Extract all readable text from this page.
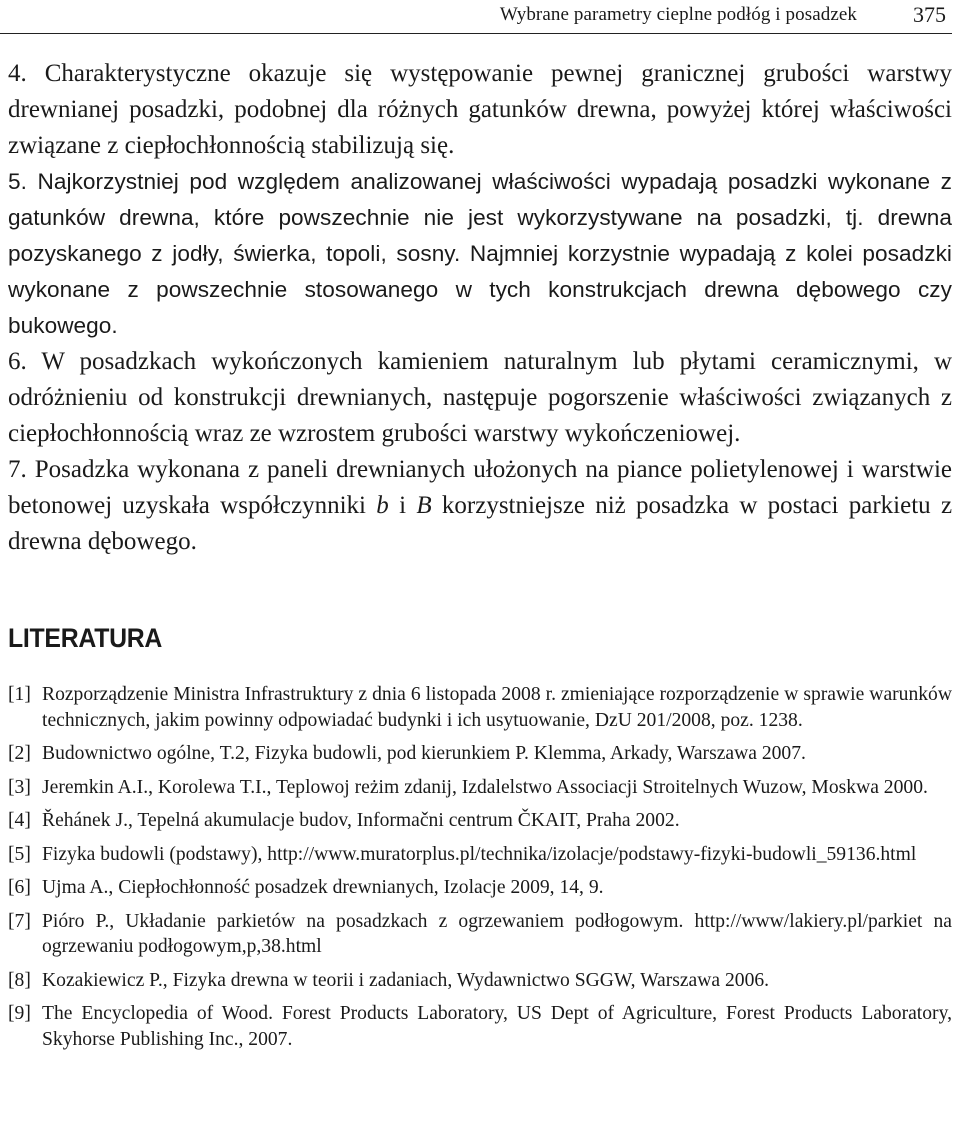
Wybrane parametry cieplne podłóg i posadzek	375

4. Charakterystyczne okazuje się występowanie pewnej granicznej grubości warstwy drewnianej posadzki, podobnej dla różnych gatunków drewna, powyżej której właściwości związane z ciepłochłonnością stabilizują się.

5. Najkorzystniej pod względem analizowanej właściwości wypadają posadzki wykonane z gatunków drewna, które powszechnie nie jest wykorzystywane na posadzki, tj. drewna pozyskanego z jodły, świerka, topoli, sosny. Najmniej korzystnie wypadają z kolei posadzki wykonane z powszechnie stosowanego w tych konstrukcjach drewna dębowego czy bukowego.

6. W posadzkach wykończonych kamieniem naturalnym lub płytami ceramicznymi, w odróżnieniu od konstrukcji drewnianych, następuje pogorszenie właściwości związanych z ciepłochłonnością wraz ze wzrostem grubości warstwy wykończeniowej.

7. Posadzka wykonana z paneli drewnianych ułożonych na piance polietylenowej i warstwie betonowej uzyskała współczynniki b i B korzystniejsze niż posadzka w postaci parkietu z drewna dębowego.

LITERATURA
[1] Rozporządzenie Ministra Infrastruktury z dnia 6 listopada 2008 r. zmieniające rozporządzenie w sprawie warunków technicznych, jakim powinny odpowiadać budynki i ich usytuowanie, DzU 201/2008, poz. 1238.
[2] Budownictwo ogólne, T.2, Fizyka budowli, pod kierunkiem P. Klemma, Arkady, Warszawa 2007.
[3] Jeremkin A.I., Korolewa T.I., Teplowoj reżim zdanij, Izdalelstwo Associacji Stroitelnych Wuzow, Moskwa 2000.
[4] Řehánek J., Tepelná akumulacje budov, Informačni centrum ČKAIT, Praha 2002.
[5] Fizyka budowli (podstawy), http://www.muratorplus.pl/technika/izolacje/podstawy-fizyki-budowli_59136.html
[6] Ujma A., Ciepłochłonność posadzek drewnianych, Izolacje 2009, 14, 9.
[7] Pióro P., Układanie parkietów na posadzkach z ogrzewaniem podłogowym. http://www/lakiery.pl/parkiet na ogrzewaniu podłogowym,p,38.html
[8] Kozakiewicz P., Fizyka drewna w teorii i zadaniach, Wydawnictwo SGGW, Warszawa 2006.
[9] The Encyclopedia of Wood. Forest Products Laboratory, US Dept of Agriculture, Forest Products Laboratory, Skyhorse Publishing Inc., 2007.
